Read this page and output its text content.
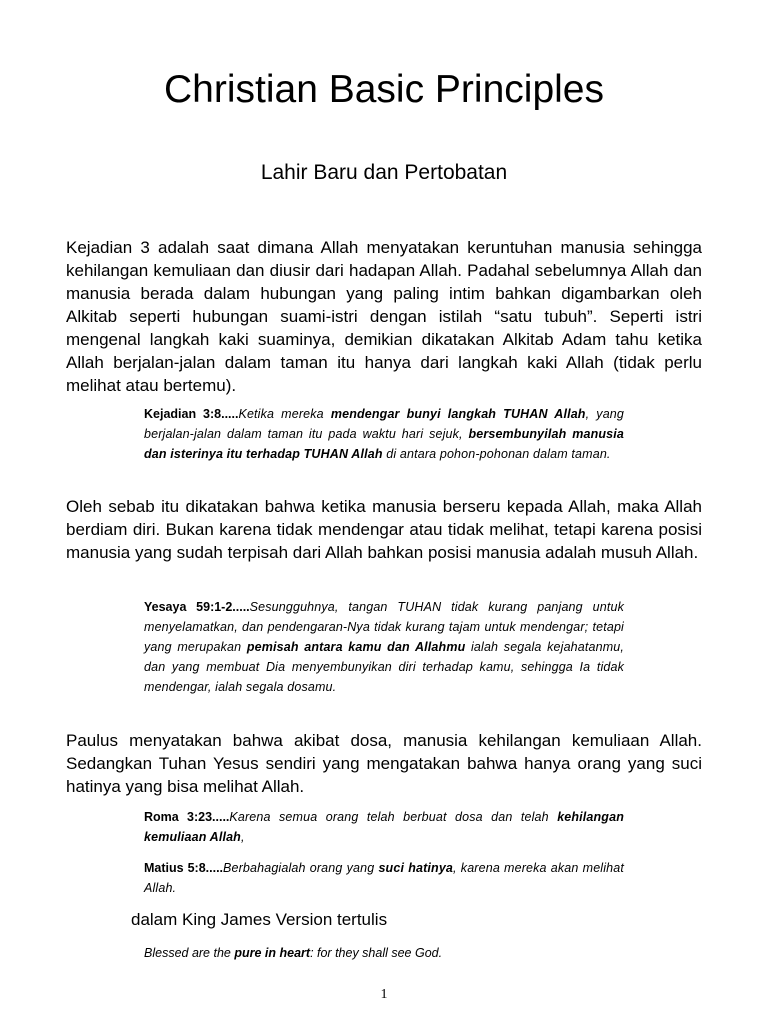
Christian Basic Principles
Lahir Baru dan Pertobatan

Kejadian 3 adalah saat dimana Allah menyatakan keruntuhan manusia sehingga kehilangan kemuliaan dan diusir dari hadapan Allah. Padahal sebelumnya Allah dan manusia berada dalam hubungan yang paling intim bahkan digambarkan oleh Alkitab seperti hubungan suami-istri dengan istilah “satu tubuh”. Seperti istri mengenal langkah kaki suaminya, demikian dikatakan Alkitab Adam tahu ketika Allah berjalan-jalan dalam taman itu hanya dari langkah kaki Allah (tidak perlu melihat atau bertemu).

Kejadian 3:8.....Ketika mereka mendengar bunyi langkah TUHAN Allah, yang berjalan-jalan dalam taman itu pada waktu hari sejuk, bersembunyilah manusia dan isterinya itu terhadap TUHAN Allah di antara pohon-pohonan dalam taman.

Oleh sebab itu dikatakan bahwa ketika manusia berseru kepada Allah, maka Allah berdiam diri. Bukan karena tidak mendengar atau tidak melihat, tetapi karena posisi manusia yang sudah terpisah dari Allah bahkan posisi manusia adalah musuh Allah.

Yesaya 59:1-2.....Sesungguhnya, tangan TUHAN tidak kurang panjang untuk menyelamatkan, dan pendengaran-Nya tidak kurang tajam untuk mendengar; tetapi yang merupakan pemisah antara kamu dan Allahmu ialah segala kejahatanmu, dan yang membuat Dia menyembunyikan diri terhadap kamu, sehingga Ia tidak mendengar, ialah segala dosamu.

Paulus menyatakan bahwa akibat dosa, manusia kehilangan kemuliaan Allah. Sedangkan Tuhan Yesus sendiri yang mengatakan bahwa hanya orang yang suci hatinya yang bisa melihat Allah.

Roma 3:23.....Karena semua orang telah berbuat dosa dan telah kehilangan kemuliaan Allah,

Matius 5:8.....Berbahagialah orang yang suci hatinya, karena mereka akan melihat Allah.

dalam King James Version tertulis

Blessed are the pure in heart: for they shall see God.

1
